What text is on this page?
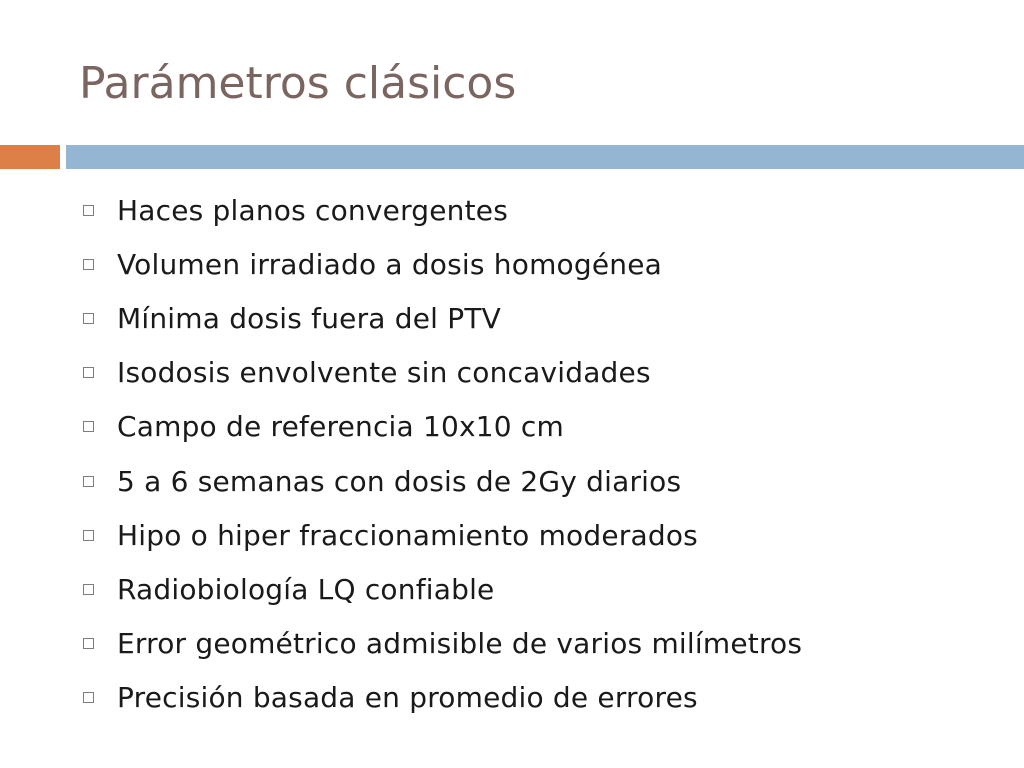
Parámetros clásicos
Haces planos convergentes
Volumen irradiado a dosis homogénea
Mínima dosis fuera del PTV
Isodosis envolvente sin concavidades
Campo de referencia 10x10 cm
5 a 6 semanas con dosis de 2Gy diarios
Hipo o hiper fraccionamiento moderados
Radiobiología LQ confiable
Error geométrico admisible de varios milímetros
Precisión basada en promedio de errores
